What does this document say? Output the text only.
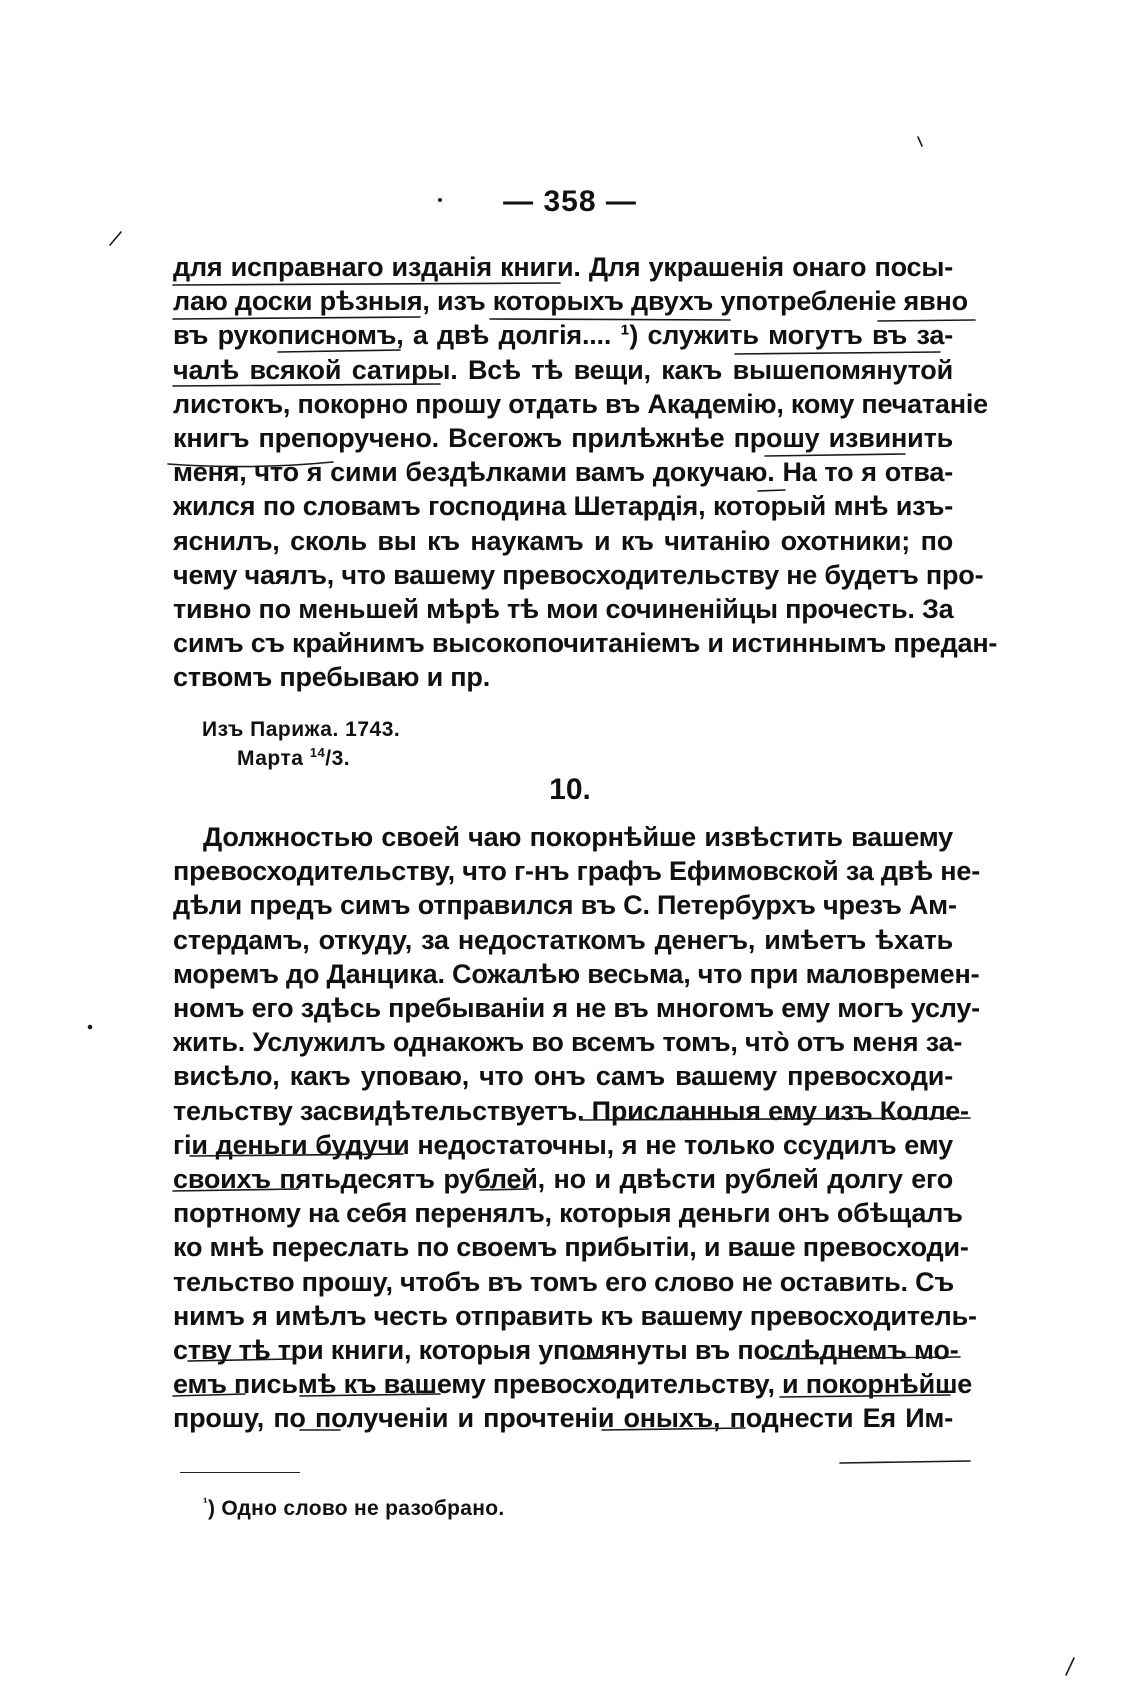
— 358 —
для исправнаго изданія книги. Для украшенія онаго посы-
лаю доски рѣзныя, изъ которыхъ двухъ употребленіе явно
въ рукописномъ, а двѣ долгія.... ¹) служить могутъ въ за-
чалѣ всякой сатиры. Всѣ тѣ вещи, какъ вышепомянутой
листокъ, покорно прошу отдать въ Академію, кому печатаніе
книгъ препоручено. Всегожъ прилѣжнѣе прошу извинить
меня, что я сими бездѣлками вамъ докучаю. На то я отва-
жился по словамъ господина Шетардія, который мнѣ изъ-
яснилъ, сколь вы къ наукамъ и къ читанію охотники; по
чему чаялъ, что вашему превосходительству не будетъ про-
тивно по меньшей мѣрѣ тѣ мои сочиненійцы прочесть. За
симъ съ крайнимъ высокопочитаніемъ и истиннымъ предан-
ствомъ пребываю и пр.
Изъ Парижа. 1743.
Марта $^{14}$/3.
10.
Должностью своей чаю покорнѣйше извѣстить вашему
превосходительству, что г-нъ графъ Ефимовской за двѣ не-
дѣли предъ симъ отправился въ С. Петербурхъ чрезъ Ам-
стердамъ, откуду, за недостаткомъ денегъ, имѣетъ ѣхать
моремъ до Данцика. Сожалѣю весьма, что при маловремен-
номъ его здѣсь пребываніи я не въ многомъ ему могъ услу-
жить. Услужилъ однакожъ во всемъ томъ, что̀ отъ меня за-
висѣло, какъ уповаю, что онъ самъ вашему превосходи-
тельству засвидѣтельствуетъ. Присланныя ему изъ Колле-
гіи деньги будучи недостаточны, я не только ссудилъ ему
своихъ пятьдесятъ рублей, но и двѣсти рублей долгу его
портному на себя перенялъ, которыя деньги онъ обѣщалъ
ко мнѣ переслать по своемъ прибытіи, и ваше превосходи-
тельство прошу, чтобъ въ томъ его слово не оставить. Съ
нимъ я имѣлъ честь отправить къ вашему превосходитель-
ству тѣ три книги, которыя упомянуты въ послѣднемъ мо-
емъ письмѣ къ вашему превосходительству, и покорнѣйше
прошу, по полученіи и прочтеніи оныхъ, поднести Ея Им-
$^{^1}$) Одно слово не разобрано.
